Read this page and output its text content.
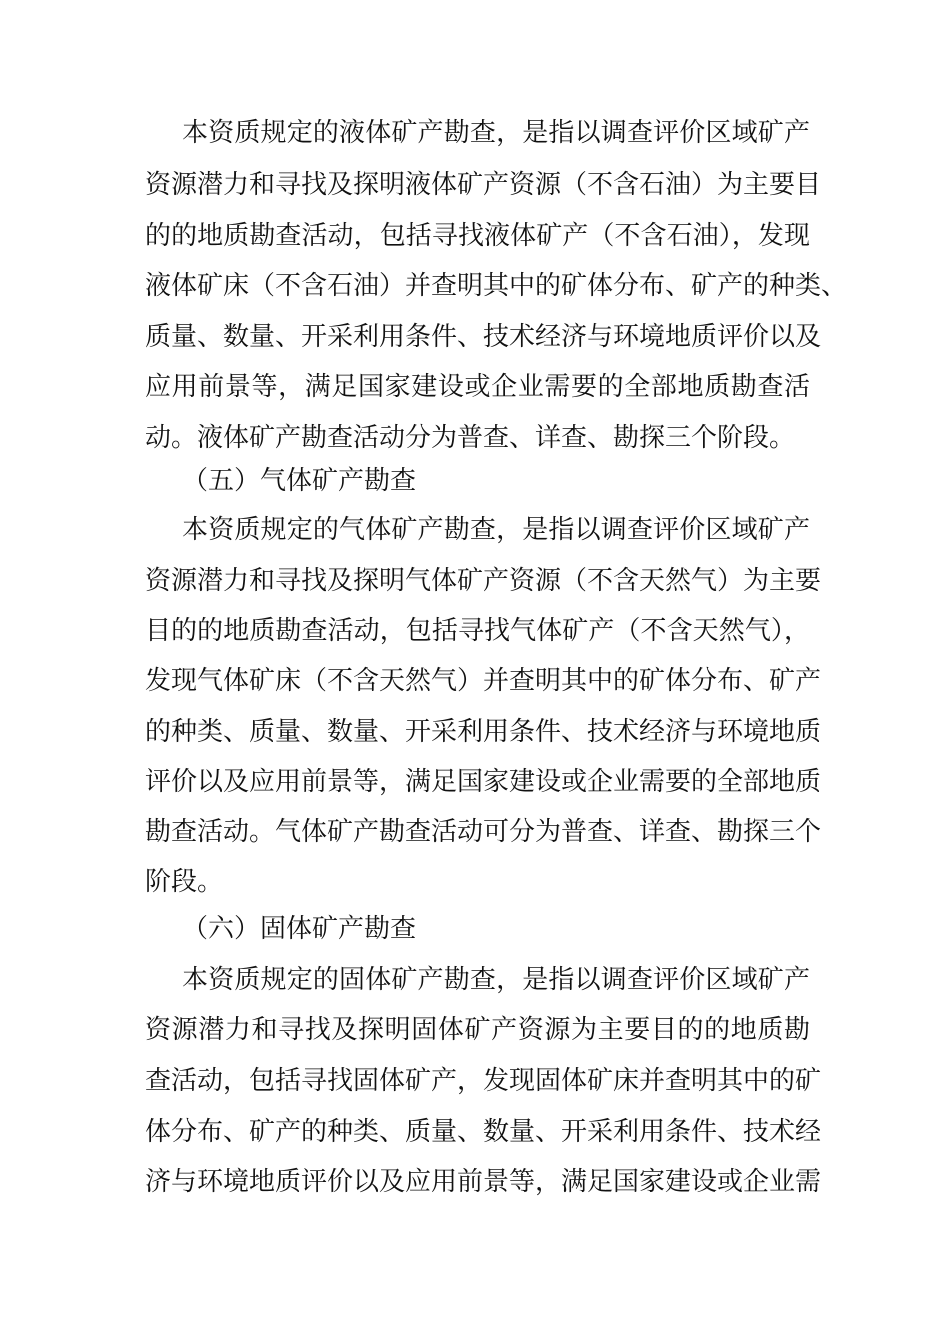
本资质规定的液体矿产勘查，是指以调查评价区域矿产
资源潜力和寻找及探明液体矿产资源（不含石油）为主要目
的的地质勘查活动，包括寻找液体矿产（不含石油），发现
液体矿床（不含石油）并查明其中的矿体分布、矿产的种类、
质量、数量、开采利用条件、技术经济与环境地质评价以及
应用前景等，满足国家建设或企业需要的全部地质勘查活
动。液体矿产勘查活动分为普查、详查、勘探三个阶段。
（五）气体矿产勘查
本资质规定的气体矿产勘查，是指以调查评价区域矿产
资源潜力和寻找及探明气体矿产资源（不含天然气）为主要
目的的地质勘查活动，包括寻找气体矿产（不含天然气），
发现气体矿床（不含天然气）并查明其中的矿体分布、矿产
的种类、质量、数量、开采利用条件、技术经济与环境地质
评价以及应用前景等，满足国家建设或企业需要的全部地质
勘查活动。气体矿产勘查活动可分为普查、详查、勘探三个
阶段。
（六）固体矿产勘查
本资质规定的固体矿产勘查，是指以调查评价区域矿产
资源潜力和寻找及探明固体矿产资源为主要目的的地质勘
查活动，包括寻找固体矿产，发现固体矿床并查明其中的矿
体分布、矿产的种类、质量、数量、开采利用条件、技术经
济与环境地质评价以及应用前景等，满足国家建设或企业需
